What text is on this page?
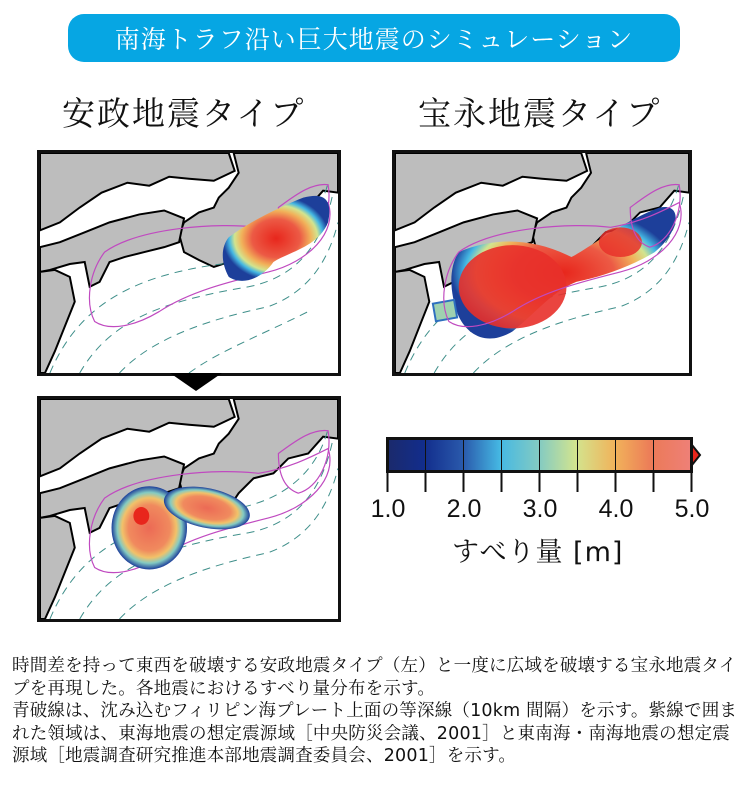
南海トラフ沿い巨大地震のシミュレーション
安政地震タイプ	宝永地震タイプ
1.0 2.0 3.0 4.0 5.0
すべり量 [m]

時間差を持って東西を破壊する安政地震タイプ（左）と一度に広域を破壊する宝永地震タイプを再現した。各地震におけるすべり量分布を示す。

青破線は、沈み込むフィリピン海プレート上面の等深線（10km 間隔）を示す。紫線で囲まれた領域は、東海地震の想定震源域［中央防災会議、2001］と東南海・南海地震の想定震源域［地震調査研究推進本部地震調査委員会、2001］を示す。
